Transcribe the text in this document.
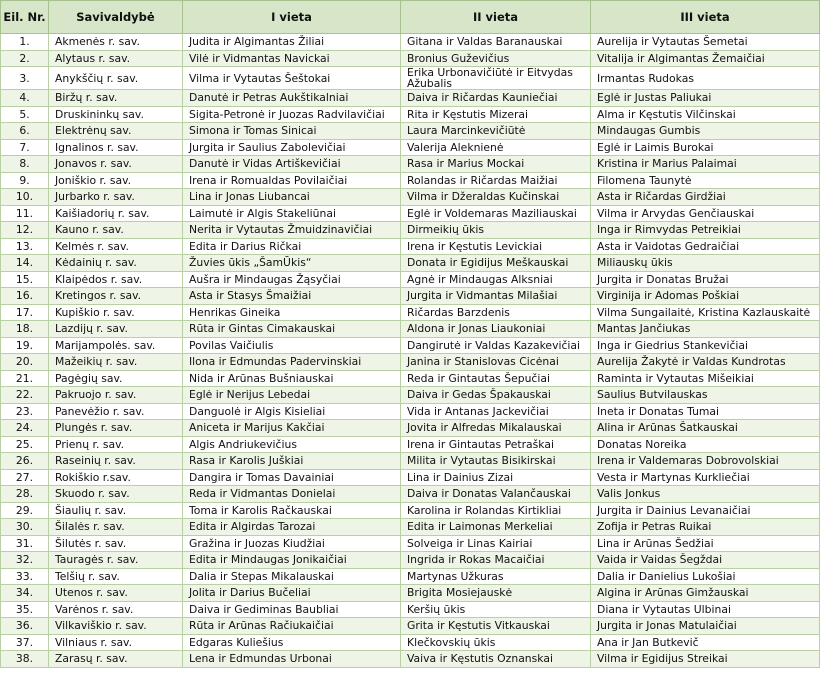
Eil. Nr.	Savivaldybė	I vieta	II vieta	III vieta
1.	Akmenės r. sav.	Judita ir Algimantas Žiliai	Gitana ir Valdas Baranauskai	Aurelija ir Vytautas Šemetai
2.	Alytaus r. sav.	Vilė ir Vidmantas Navickai	Bronius Guževičius	Vitalija ir Algimantas Žemaičiai
3.	Anykščių r. sav.	Vilma ir Vytautas Šeštokai	Erika Urbonavičiūtė ir Eitvydas Ažubalis	Irmantas Rudokas
4.	Biržų r. sav.	Danutė ir Petras Aukštikalniai	Daiva ir Ričardas Kauniečiai	Eglė ir Justas Paliukai
5.	Druskininkų sav.	Sigita-Petronė ir Juozas Radvilavičiai	Rita ir Kęstutis Mizerai	Alma ir Kęstutis Vilčinskai
6.	Elektrėnų sav.	Simona ir Tomas Sinicai	Laura Marcinkevičiūtė	Mindaugas Gumbis
7.	Ignalinos r. sav.	Jurgita ir Saulius Zabolevičiai	Valerija Aleknienė	Eglė ir Laimis Burokai
8.	Jonavos r. sav.	Danutė ir Vidas Artiškevičiai	Rasa ir Marius Mockai	Kristina ir Marius Palaimai
9.	Joniškio r. sav.	Irena ir Romualdas Povilaičiai	Rolandas ir Ričardas Maižiai	Filomena Taunytė
10.	Jurbarko r. sav.	Lina ir Jonas Liubancai	Vilma ir Džeraldas Kučinskai	Asta ir Ričardas Girdžiai
11.	Kaišiadorių r. sav.	Laimutė ir Algis Stakeliūnai	Eglė ir Voldemaras Maziliauskai	Vilma ir Arvydas Genčiauskai
12.	Kauno r. sav.	Nerita ir Vytautas Žmuidzinavičiai	Dirmeikių ūkis	Inga ir Rimvydas Petreikiai
13.	Kelmės r. sav.	Edita ir Darius Ričkai	Irena ir Kęstutis Levickiai	Asta ir Vaidotas Gedraičiai
14.	Kėdainių r. sav.	Žuvies ūkis „ŠamŪkis“	Donata ir Egidijus Meškauskai	Miliauskų ūkis
15.	Klaipėdos r. sav.	Aušra ir Mindaugas Žąsyčiai	Agnė ir Mindaugas Alksniai	Jurgita ir Donatas Bružai
16.	Kretingos r. sav.	Asta ir Stasys Šmaižiai	Jurgita ir Vidmantas Milašiai	Virginija ir Adomas Poškiai
17.	Kupiškio r. sav.	Henrikas Gineika	Ričardas Barzdenis	Vilma Sungailaitė, Kristina Kazlauskaitė
18.	Lazdijų r. sav.	Rūta ir Gintas Cimakauskai	Aldona ir Jonas Liaukoniai	Mantas Jančiukas
19.	Marijampolės. sav.	Povilas Vaičiulis	Dangirutė ir Valdas Kazakevičiai	Inga ir Giedrius Stankevičiai
20.	Mažeikių r. sav.	Ilona ir Edmundas Padervinskiai	Janina ir Stanislovas Cicėnai	Aurelija Žakytė ir Valdas Kundrotas
21.	Pagėgių sav.	Nida ir Arūnas Bušniauskai	Reda ir Gintautas Šepučiai	Raminta ir Vytautas Mišeikiai
22.	Pakruojo r. sav.	Eglė ir Nerijus Lebedai	Daiva ir Gedas Špakauskai	Saulius Butvilauskas
23.	Panevėžio r. sav.	Danguolė ir Algis Kisieliai	Vida ir Antanas Jackevičiai	Ineta ir Donatas Tumai
24.	Plungės r. sav.	Aniceta ir Marijus Kakčiai	Jovita ir Alfredas Mikalauskai	Alina ir Arūnas Šatkauskai
25.	Prienų r. sav.	Algis Andriukevičius	Irena ir Gintautas Petraškai	Donatas Noreika
26.	Raseinių r. sav.	Rasa ir Karolis Juškiai	Milita ir Vytautas Bisikirskai	Irena ir Valdemaras Dobrovolskiai
27.	Rokiškio r.sav.	Dangira ir Tomas Davainiai	Lina ir Dainius Zizai	Vesta ir Martynas Kurkliečiai
28.	Skuodo r. sav.	Reda ir Vidmantas Donielai	Daiva ir Donatas Valančauskai	Valis Jonkus
29.	Šiaulių r. sav.	Toma ir Karolis Račkauskai	Karolina ir Rolandas Kirtikliai	Jurgita ir Dainius Levanaičiai
30.	Šilalės r. sav.	Edita ir Algirdas Tarozai	Edita ir Laimonas Merkeliai	Zofija ir Petras Ruikai
31.	Šilutės r. sav.	Gražina ir Juozas Kiudžiai	Solveiga ir Linas Kairiai	Lina ir Arūnas Šedžiai
32.	Tauragės r. sav.	Edita ir Mindaugas Jonikaičiai	Ingrida ir Rokas Macaičiai	Vaida ir Vaidas Šegždai
33.	Telšių r. sav.	Dalia ir Stepas Mikalauskai	Martynas Užkuras	Dalia ir Danielius Lukošiai
34.	Utenos r. sav.	Jolita ir Darius Bučeliai	Brigita Mosiejauskė	Algina ir Arūnas Gimžauskai
35.	Varėnos r. sav.	Daiva ir Gediminas Baubliai	Keršių ūkis	Diana ir Vytautas Ulbinai
36.	Vilkaviškio r. sav.	Rūta ir Arūnas Račiukaičiai	Grita ir Kęstutis Vitkauskai	Jurgita ir Jonas Matulaičiai
37.	Vilniaus r. sav.	Edgaras Kuliešius	Klečkovskių ūkis	Ana ir Jan Butkevič
38.	Zarasų r. sav.	Lena ir Edmundas Urbonai	Vaiva ir Kęstutis Oznanskai	Vilma ir Egidijus Streikai
